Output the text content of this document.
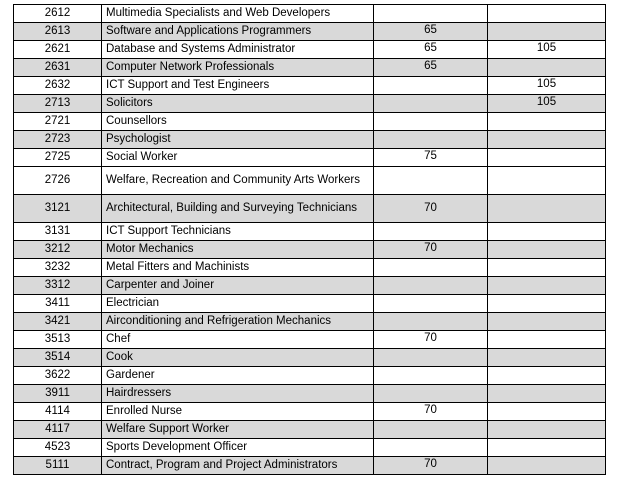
2612	Multimedia Specialists and Web Developers		
2613	Software and Applications Programmers	65	
2621	Database and Systems Administrator	65	105
2631	Computer Network Professionals	65	
2632	ICT Support and Test Engineers		105
2713	Solicitors		105
2721	Counsellors		
2723	Psychologist		
2725	Social Worker	75	
2726	Welfare, Recreation and Community Arts Workers		
3121	Architectural, Building and Surveying Technicians	70	
3131	ICT Support Technicians		
3212	Motor Mechanics	70	
3232	Metal Fitters and Machinists		
3312	Carpenter and Joiner		
3411	Electrician		
3421	Airconditioning and Refrigeration Mechanics		
3513	Chef	70	
3514	Cook		
3622	Gardener		
3911	Hairdressers		
4114	Enrolled Nurse	70	
4117	Welfare Support Worker		
4523	Sports Development Officer		
5111	Contract, Program and Project Administrators	70	
